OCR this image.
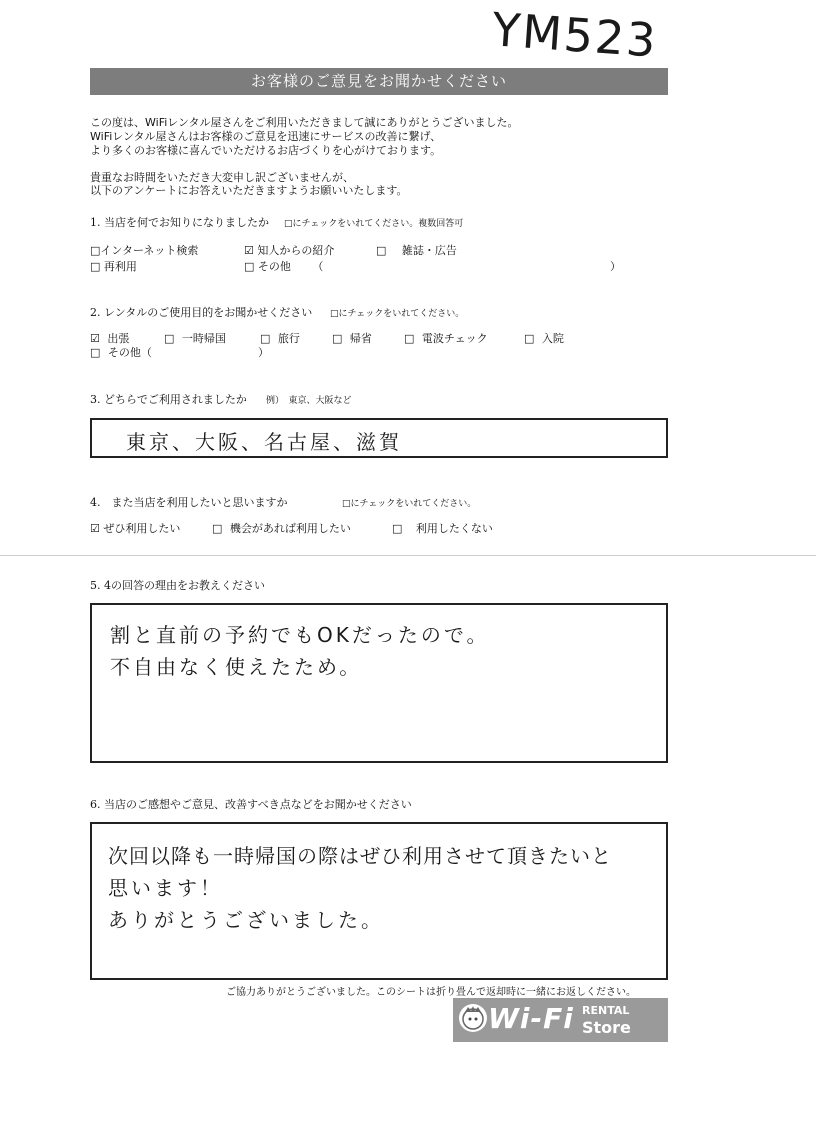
YM523
お客様のご意見をお聞かせください
この度は、WiFiレンタル屋さんをご利用いただきまして誠にありがとうございました。
WiFiレンタル屋さんはお客様のご意見を迅速にサービスの改善に繋げ、
より多くのお客様に喜んでいただけるお店づくりを心がけております。
貴重なお時間をいただき大変申し訳ございませんが、
以下のアンケートにお答えいただきますようお願いいたします。
1. 当店を何でお知りになりましたか □にチェックをいれてください。複数回答可
□インターネット検索	☑ 知人からの紹介	□ 雑誌・広告
□ 再利用	□ その他 （	）
2. レンタルのご使用目的をお聞かせください □にチェックをいれてください。
☑ 出張	□ 一時帰国	□ 旅行	□ 帰省	□ 電波チェック	□ 入院
□ その他（	）
3. どちらでご利用されましたか 例）　東京、大阪など
東京、大阪、名古屋、滋賀
4.　また当店を利用したいと思いますか	□にチェックをいれてください。
☑ ぜひ利用したい	□ 機会があれば利用したい	□ 利用したくない
5. 4の回答の理由をお教えください
割と直前の予約でもOKだったので。
不自由なく使えたため。
6. 当店のご感想やご意見、改善すべき点などをお聞かせください
次回以降も一時帰国の際はぜひ利用させて頂きたいと
思います！
ありがとうございました。
ご協力ありがとうございました。このシートは折り畳んで返却時に一緒にお返しください。
Wi-Fi RENTAL
Store
